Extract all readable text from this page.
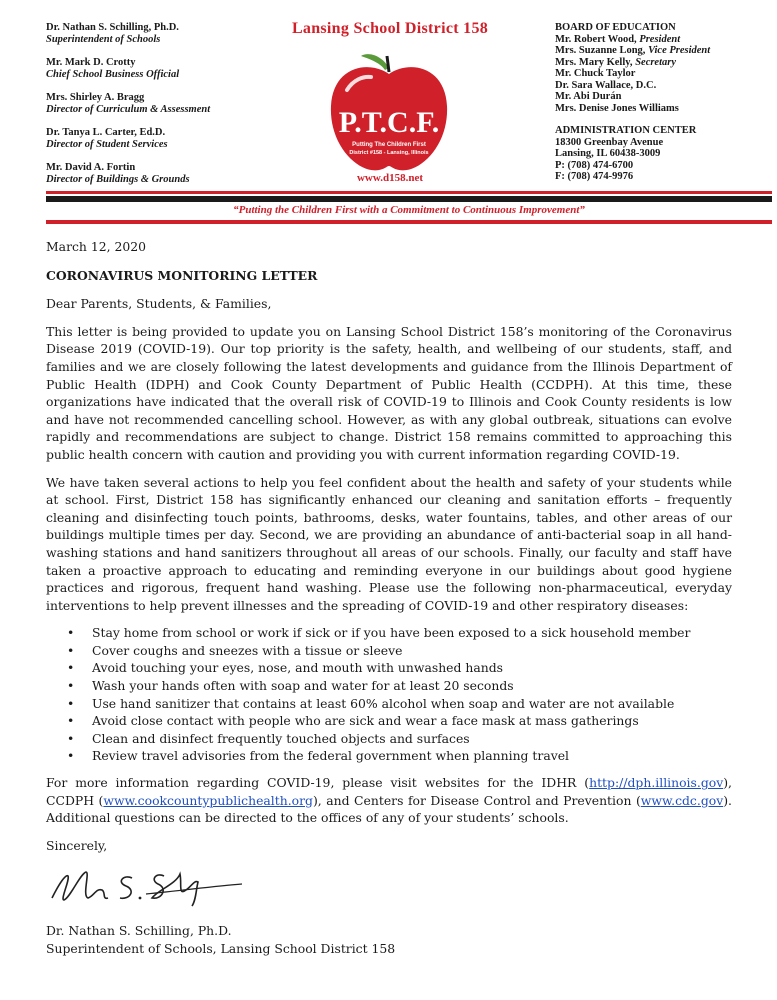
Dr. Nathan S. Schilling, Ph.D.
Superintendent of Schools
Mr. Mark D. Crotty
Chief School Business Official
Mrs. Shirley A. Bragg
Director of Curriculum & Assessment
Dr. Tanya L. Carter, Ed.D.
Director of Student Services
Mr. David A. Fortin
Director of Buildings & Grounds
Lansing School District 158
P.T.C.F.
Putting The Children First
District #158 - Lansing, Illinois
www.d158.net
BOARD OF EDUCATION
Mr. Robert Wood, President
Mrs. Suzanne Long, Vice President
Mrs. Mary Kelly, Secretary
Mr. Chuck Taylor
Dr. Sara Wallace, D.C.
Mr. Abi Durán
Mrs. Denise Jones Williams
ADMINISTRATION CENTER
18300 Greenbay Avenue
Lansing, IL 60438-3009
P: (708) 474-6700
F: (708) 474-9976
“Putting the Children First with a Commitment to Continuous Improvement”

March 12, 2020

CORONAVIRUS MONITORING LETTER

Dear Parents, Students, & Families,

This letter is being provided to update you on Lansing School District 158’s monitoring of the Coronavirus Disease 2019 (COVID-19). Our top priority is the safety, health, and wellbeing of our students, staff, and families and we are closely following the latest developments and guidance from the Illinois Department of Public Health (IDPH) and Cook County Department of Public Health (CCDPH). At this time, these organizations have indicated that the overall risk of COVID-19 to Illinois and Cook County residents is low and have not recommended cancelling school. However, as with any global outbreak, situations can evolve rapidly and recommendations are subject to change. District 158 remains committed to approaching this public health concern with caution and providing you with current information regarding COVID-19.

We have taken several actions to help you feel confident about the health and safety of your students while at school. First, District 158 has significantly enhanced our cleaning and sanitation efforts – frequently cleaning and disinfecting touch points, bathrooms, desks, water fountains, tables, and other areas of our buildings multiple times per day. Second, we are providing an abundance of anti-bacterial soap in all hand-washing stations and hand sanitizers throughout all areas of our schools. Finally, our faculty and staff have taken a proactive approach to educating and reminding everyone in our buildings about good hygiene practices and rigorous, frequent hand washing. Please use the following non-pharmaceutical, everyday interventions to help prevent illnesses and the spreading of COVID-19 and other respiratory diseases:

• Stay home from school or work if sick or if you have been exposed to a sick household member
• Cover coughs and sneezes with a tissue or sleeve
• Avoid touching your eyes, nose, and mouth with unwashed hands
• Wash your hands often with soap and water for at least 20 seconds
• Use hand sanitizer that contains at least 60% alcohol when soap and water are not available
• Avoid close contact with people who are sick and wear a face mask at mass gatherings
• Clean and disinfect frequently touched objects and surfaces
• Review travel advisories from the federal government when planning travel

For more information regarding COVID-19, please visit websites for the IDHR (http://dph.illinois.gov), CCDPH (www.cookcountypublichealth.org), and Centers for Disease Control and Prevention (www.cdc.gov). Additional questions can be directed to the offices of any of your students’ schools.

Sincerely,

Dr. Nathan S. Schilling, Ph.D.

Superintendent of Schools, Lansing School District 158
